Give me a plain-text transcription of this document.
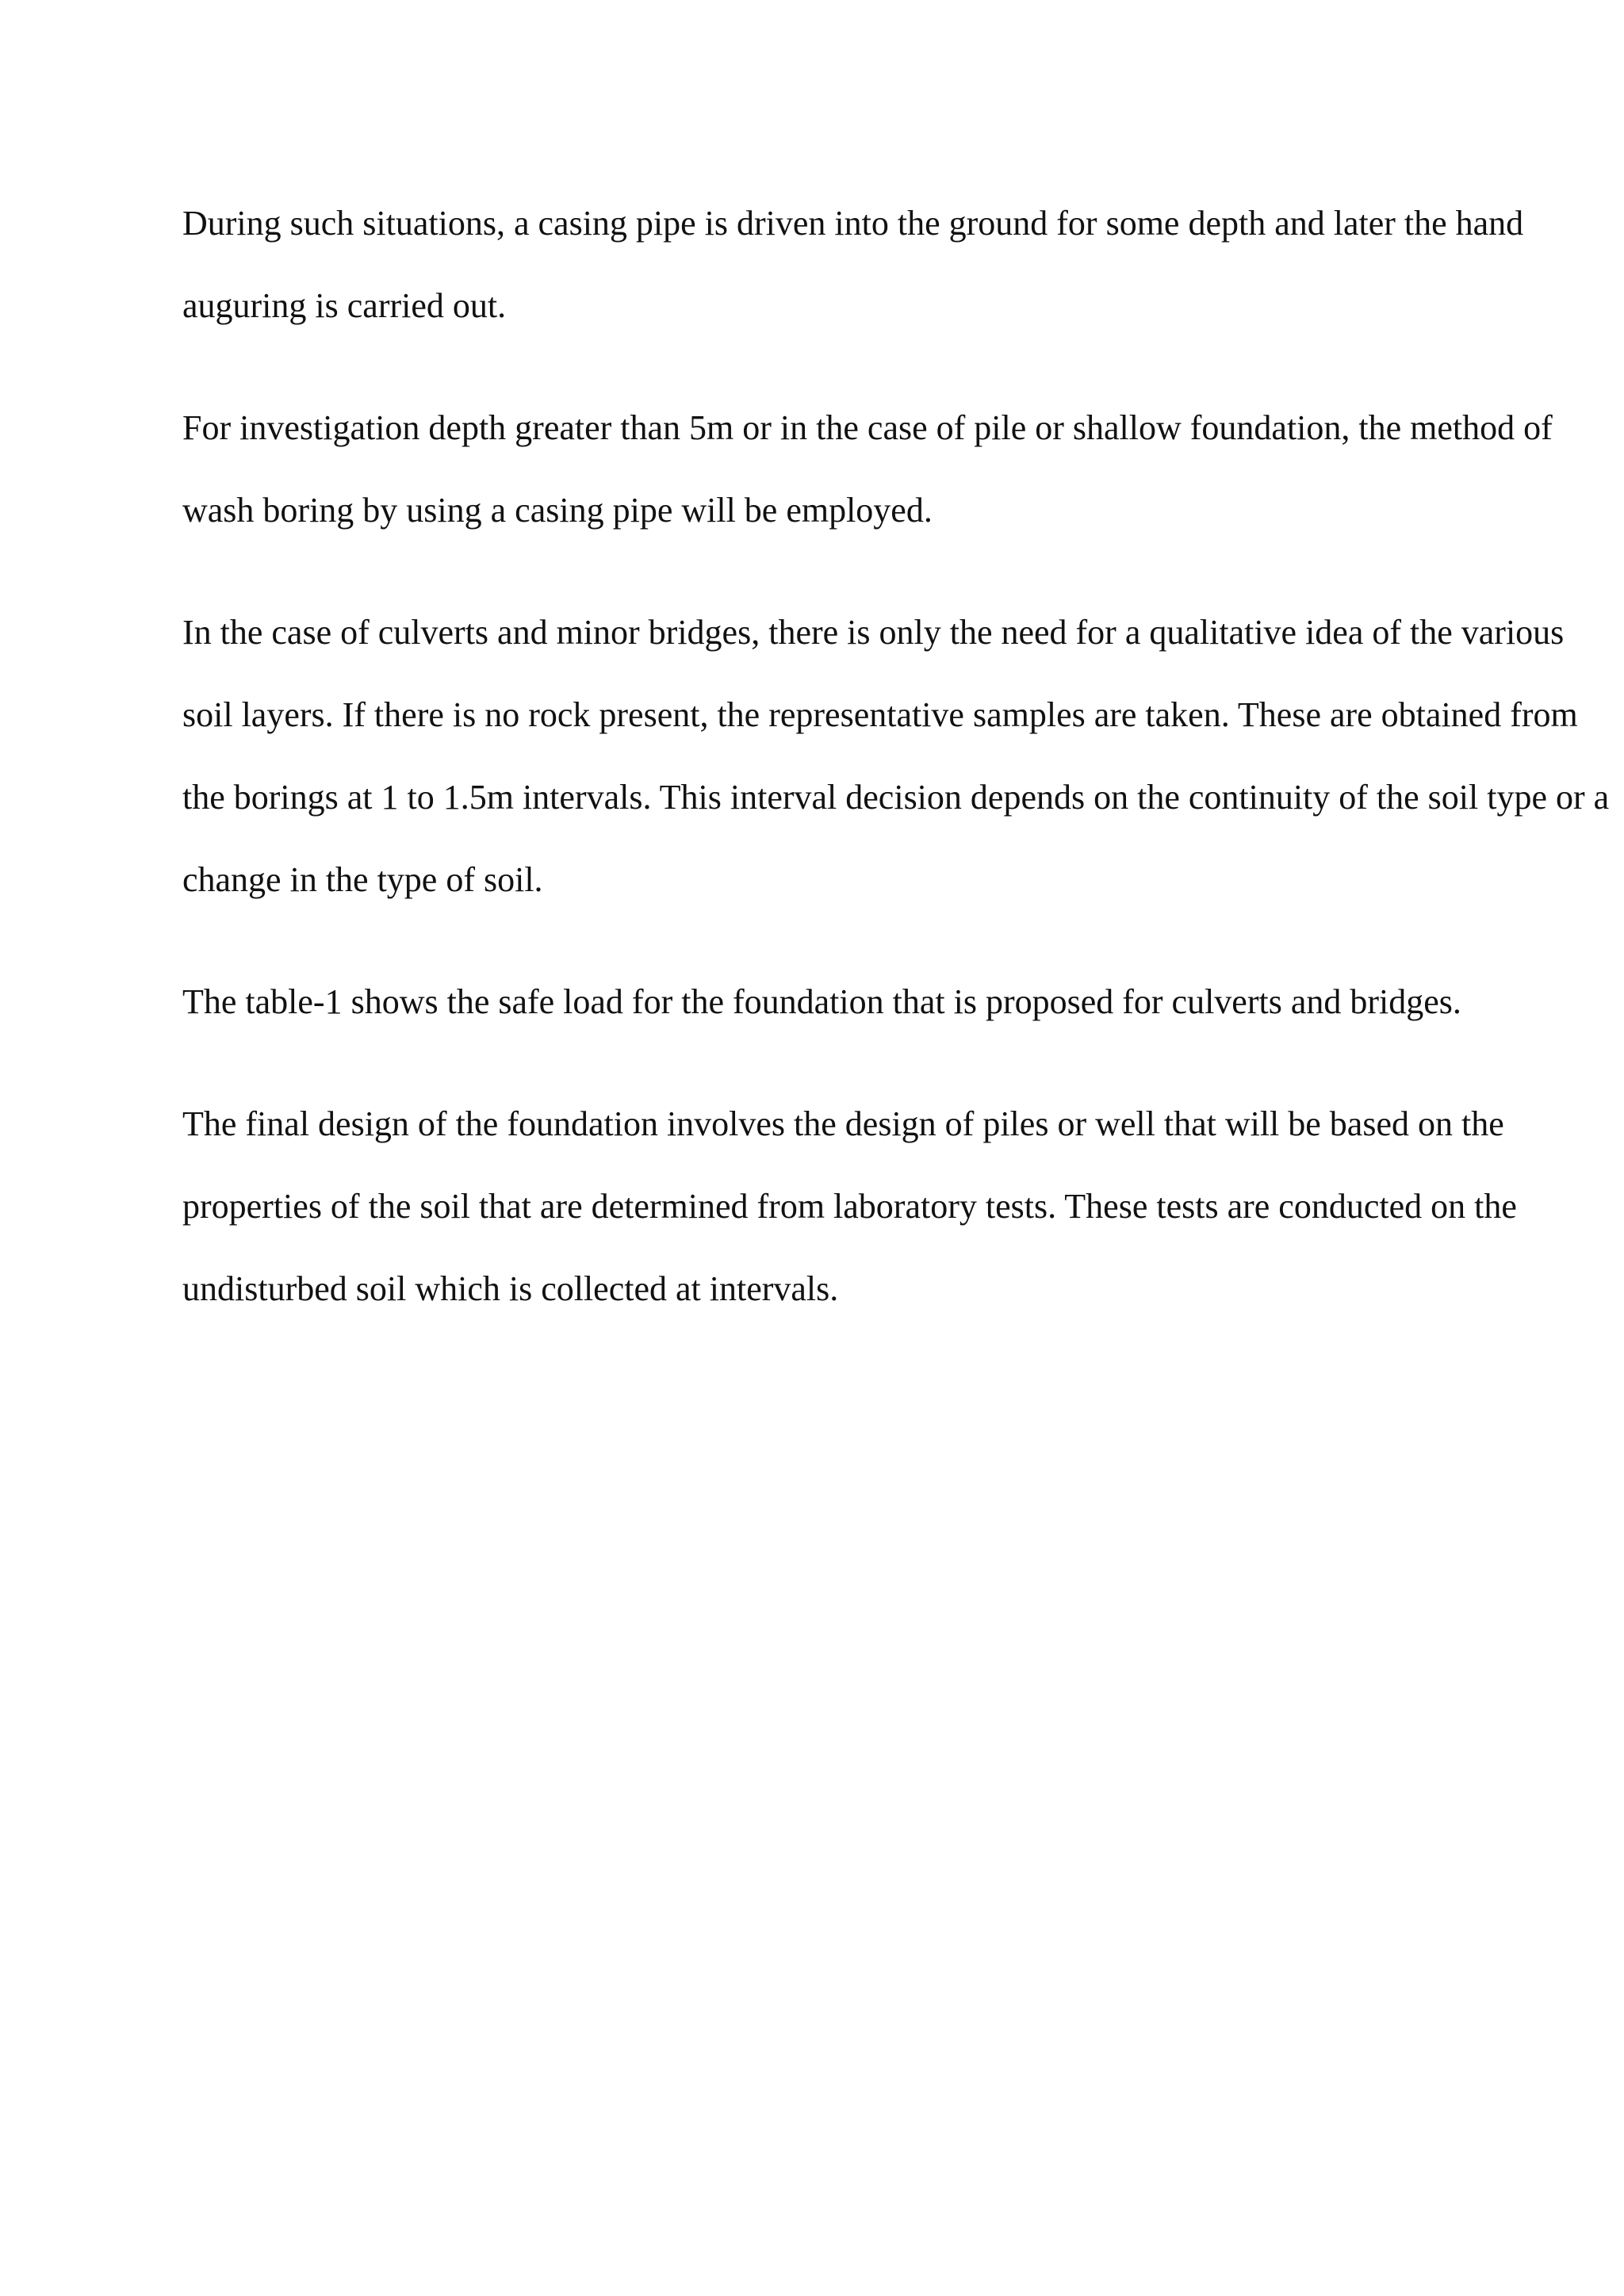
During such situations, a casing pipe is driven into the ground for some depth and later the hand auguring is carried out.

For investigation depth greater than 5m or in the case of pile or shallow foundation, the method of wash boring by using a casing pipe will be employed.

In the case of culverts and minor bridges, there is only the need for a qualitative idea of the various soil layers. If there is no rock present, the representative samples are taken. These are obtained from the borings at 1 to 1.5m intervals. This interval decision depends on the continuity of the soil type or a change in the type of soil.

The table-1 shows the safe load for the foundation that is proposed for culverts and bridges.

The final design of the foundation involves the design of piles or well that will be based on the properties of the soil that are determined from laboratory tests. These tests are conducted on the undisturbed soil which is collected at intervals.
